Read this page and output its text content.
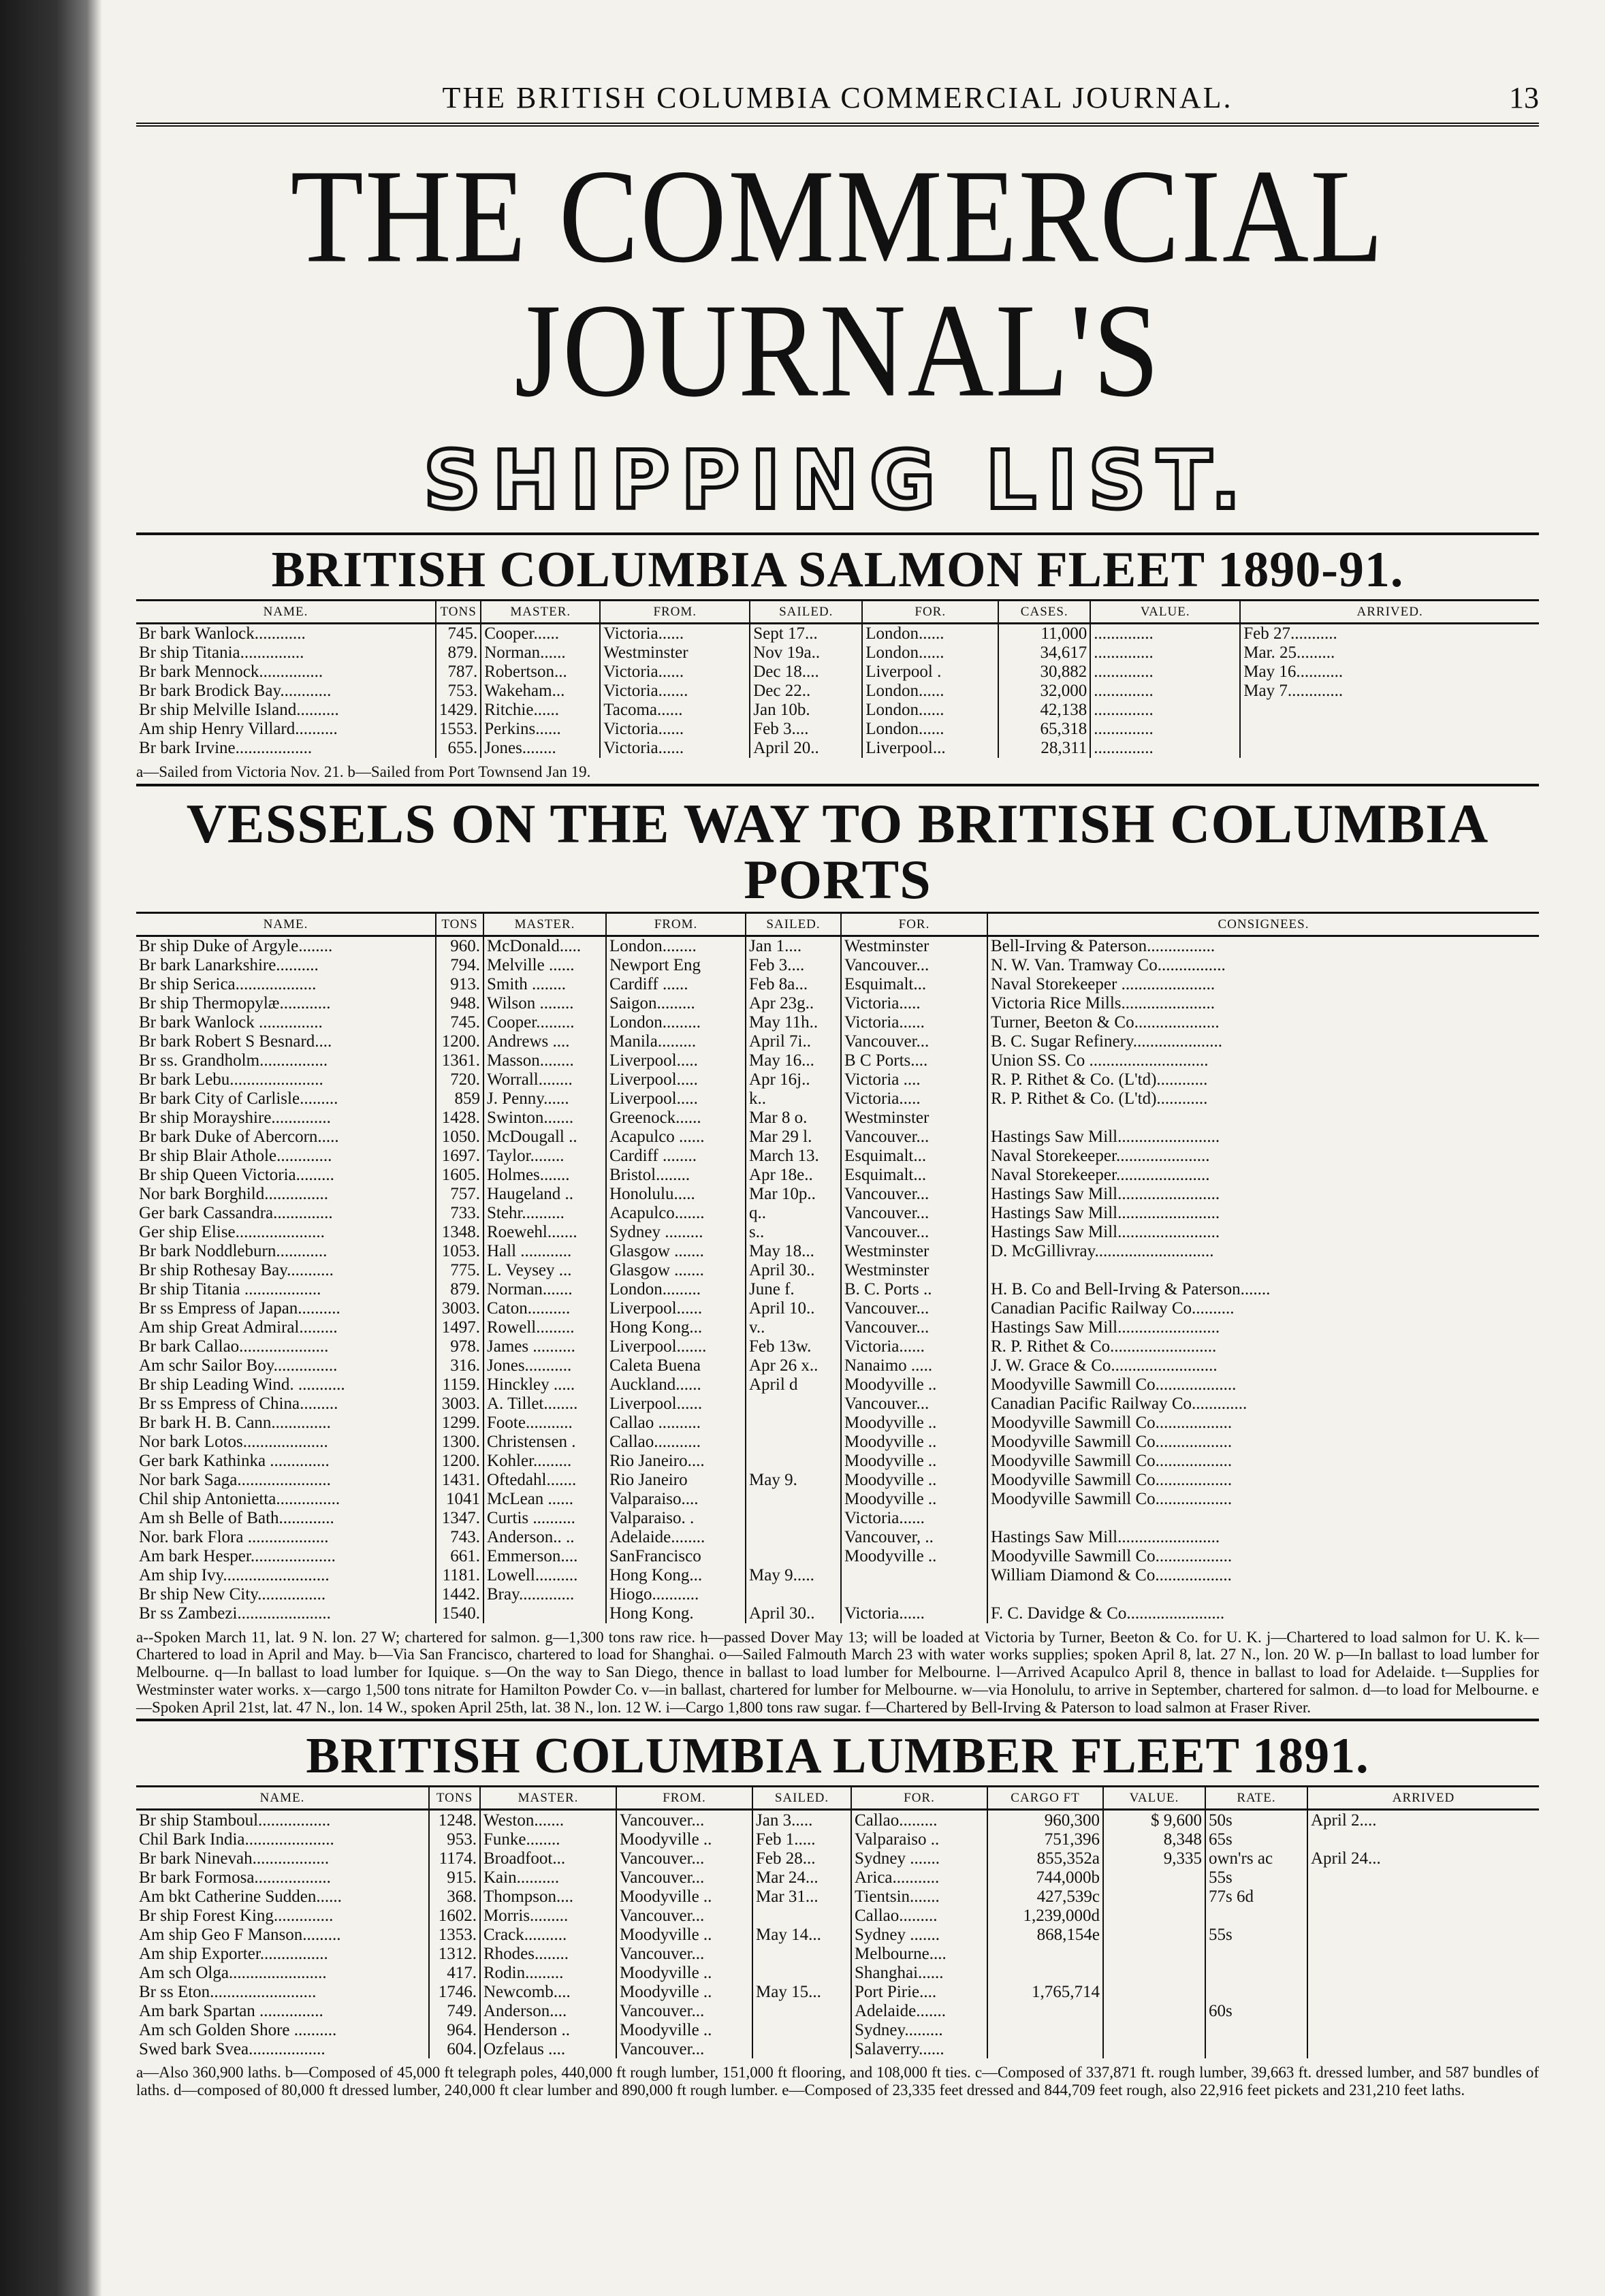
THE BRITISH COLUMBIA COMMERCIAL JOURNAL.	13
THE COMMERCIAL JOURNAL'S
SHIPPING LIST.
BRITISH COLUMBIA SALMON FLEET 1890-91.
NAME.	TONS	MASTER.	FROM.	SAILED.	FOR.	CASES.	VALUE.	ARRIVED.
Br bark Wanlock............	745.	Cooper......	Victoria......	Sept 17...	London......	11,000	..............	Feb 27...........
Br ship Titania...............	879.	Norman......	Westminster	Nov 19a..	London......	34,617	..............	Mar. 25.........
Br bark Mennock...............	787.	Robertson...	Victoria......	Dec 18....	Liverpool .	30,882	..............	May 16...........
Br bark Brodick Bay............	753.	Wakeham...	Victoria.......	Dec 22..	London......	32,000	..............	May 7.............
Br ship Melville Island..........	1429.	Ritchie......	Tacoma......	Jan 10b.	London......	42,138	..............	
Am ship Henry Villard..........	1553.	Perkins......	Victoria......	Feb 3....	London......	65,318	..............	
Br bark Irvine..................	655.	Jones........	Victoria......	April 20..	Liverpool...	28,311	..............	
a—Sailed from Victoria Nov. 21. b—Sailed from Port Townsend Jan 19.
VESSELS ON THE WAY TO BRITISH COLUMBIA PORTS
NAME.	TONS	MASTER.	FROM.	SAILED.	FOR.	CONSIGNEES.
Br ship Duke of Argyle........	960.	McDonald.....	London........	Jan 1....	Westminster	Bell-Irving & Paterson................
Br bark Lanarkshire..........	794.	Melville ......	Newport Eng	Feb 3....	Vancouver...	N. W. Van. Tramway Co................
Br ship Serica...................	913.	Smith ........	Cardiff ......	Feb 8a...	Esquimalt...	Naval Storekeeper ......................
Br ship Thermopylæ............	948.	Wilson ........	Saigon.........	Apr 23g..	Victoria.....	Victoria Rice Mills......................
Br bark Wanlock ...............	745.	Cooper.........	London.........	May 11h..	Victoria......	Turner, Beeton & Co....................
Br bark Robert S Besnard....	1200.	Andrews ....	Manila.........	April 7i..	Vancouver...	B. C. Sugar Refinery.....................
Br ss. Grandholm................	1361.	Masson........	Liverpool.....	May 16...	B C Ports....	Union SS. Co ............................
Br bark Lebu......................	720.	Worrall........	Liverpool.....	Apr 16j..	Victoria ....	R. P. Rithet & Co. (L'td)............
Br bark City of Carlisle.........	859	J. Penny......	Liverpool.....	k..	Victoria.....	R. P. Rithet & Co. (L'td)............
Br ship Morayshire..............	1428.	Swinton.......	Greenock......	Mar 8 o.	Westminster	
Br bark Duke of Abercorn.....	1050.	McDougall ..	Acapulco ......	Mar 29 l.	Vancouver...	Hastings Saw Mill........................
Br ship Blair Athole.............	1697.	Taylor........	Cardiff ........	March 13.	Esquimalt...	Naval Storekeeper......................
Br ship Queen Victoria.........	1605.	Holmes.......	Bristol........	Apr 18e..	Esquimalt...	Naval Storekeeper......................
Nor bark Borghild...............	757.	Haugeland ..	Honolulu.....	Mar 10p..	Vancouver...	Hastings Saw Mill........................
Ger bark Cassandra..............	733.	Stehr..........	Acapulco.......	q..	Vancouver...	Hastings Saw Mill........................
Ger ship Elise.....................	1348.	Roewehl.......	Sydney .........	s..	Vancouver...	Hastings Saw Mill........................
Br bark Noddleburn............	1053.	Hall ............	Glasgow .......	May 18...	Westminster	D. McGillivray............................
Br ship Rothesay Bay...........	775.	L. Veysey ...	Glasgow .......	April 30..	Westminster	
Br ship Titania ..................	879.	Norman.......	London.........	June f.	B. C. Ports ..	H. B. Co and Bell-Irving & Paterson.......
Br ss Empress of Japan..........	3003.	Caton..........	Liverpool......	April 10..	Vancouver...	Canadian Pacific Railway Co..........
Am ship Great Admiral.........	1497.	Rowell.........	Hong Kong...	v..	Vancouver...	Hastings Saw Mill........................
Br bark Callao.....................	978.	James ..........	Liverpool.......	Feb 13w.	Victoria......	R. P. Rithet & Co.........................
Am schr Sailor Boy...............	316.	Jones...........	Caleta Buena	Apr 26 x..	Nanaimo .....	J. W. Grace & Co.........................
Br ship Leading Wind. ...........	1159.	Hinckley .....	Auckland......	April d	Moodyville ..	Moodyville Sawmill Co...................
Br ss Empress of China.........	3003.	A. Tillet........	Liverpool......		Vancouver...	Canadian Pacific Railway Co.............
Br bark H. B. Cann..............	1299.	Foote...........	Callao ..........		Moodyville ..	Moodyville Sawmill Co..................
Nor bark Lotos....................	1300.	Christensen .	Callao...........		Moodyville ..	Moodyville Sawmill Co..................
Ger bark Kathinka ..............	1200.	Kohler.........	Rio Janeiro....		Moodyville ..	Moodyville Sawmill Co..................
Nor bark Saga......................	1431.	Oftedahl.......	Rio Janeiro	May 9.	Moodyville ..	Moodyville Sawmill Co..................
Chil ship Antonietta...............	1041	McLean ......	Valparaiso....		Moodyville ..	Moodyville Sawmill Co..................
Am sh Belle of Bath.............	1347.	Curtis ..........	Valparaiso. .		Victoria......	
Nor. bark Flora ...................	743.	Anderson.. ..	Adelaide........		Vancouver, ..	Hastings Saw Mill........................
Am bark Hesper....................	661.	Emmerson....	SanFrancisco		Moodyville ..	Moodyville Sawmill Co..................
Am ship Ivy.........................	1181.	Lowell..........	Hong Kong...	May 9.....		William Diamond & Co..................
Br ship New City................	1442.	Bray.............	Hiogo...........			
Br ss Zambezi......................	1540.		Hong Kong.	April 30..	Victoria......	F. C. Davidge & Co.......................
a--Spoken March 11, lat. 9 N. lon. 27 W; chartered for salmon. g—1,300 tons raw rice. h—passed Dover May 13; will be loaded at Victoria by Turner, Beeton & Co. for U. K. j—Chartered to load salmon for U. K. k—Chartered to load in April and May. b—Via San Francisco, chartered to load for Shanghai. o—Sailed Falmouth March 23 with water works supplies; spoken April 8, lat. 27 N., lon. 20 W. p—In ballast to load lumber for Melbourne. q—In ballast to load lumber for Iquique. s—On the way to San Diego, thence in ballast to load lumber for Melbourne. l—Arrived Acapulco April 8, thence in ballast to load for Adelaide. t—Supplies for Westminster water works. x—cargo 1,500 tons nitrate for Hamilton Powder Co. v—in ballast, chartered for lumber for Melbourne. w—via Honolulu, to arrive in September, chartered for salmon. d—to load for Melbourne. e—Spoken April 21st, lat. 47 N., lon. 14 W., spoken April 25th, lat. 38 N., lon. 12 W. i—Cargo 1,800 tons raw sugar. f—Chartered by Bell-Irving & Paterson to load salmon at Fraser River.
BRITISH COLUMBIA LUMBER FLEET 1891.
NAME.	TONS	MASTER.	FROM.	SAILED.	FOR.	CARGO FT	VALUE.	RATE.	ARRIVED
Br ship Stamboul.................	1248.	Weston.......	Vancouver...	Jan 3.....	Callao.........	960,300	$ 9,600	50s	April 2....
Chil Bark India.....................	953.	Funke........	Moodyville ..	Feb 1.....	Valparaiso ..	751,396	8,348	65s	
Br bark Ninevah..................	1174.	Broadfoot...	Vancouver...	Feb 28...	Sydney .......	855,352a	9,335	own'rs ac	April 24...
Br bark Formosa..................	915.	Kain..........	Vancouver...	Mar 24...	Arica...........	744,000b		55s	
Am bkt Catherine Sudden......	368.	Thompson....	Moodyville ..	Mar 31...	Tientsin.......	427,539c		77s 6d	
Br ship Forest King..............	1602.	Morris.........	Vancouver...		Callao.........	1,239,000d			
Am ship Geo F Manson.........	1353.	Crack..........	Moodyville ..	May 14...	Sydney .......	868,154e		55s	
Am ship Exporter................	1312.	Rhodes........	Vancouver...		Melbourne....				
Am sch Olga.......................	417.	Rodin.........	Moodyville ..		Shanghai......				
Br ss Eton.........................	1746.	Newcomb....	Moodyville ..	May 15...	Port Pirie....	1,765,714			
Am bark Spartan ...............	749.	Anderson....	Vancouver...		Adelaide.......			60s	
Am sch Golden Shore ..........	964.	Henderson ..	Moodyville ..		Sydney.........				
Swed bark Svea..................	604.	Ozfelaus ....	Vancouver...		Salaverry......				
a—Also 360,900 laths. b—Composed of 45,000 ft telegraph poles, 440,000 ft rough lumber, 151,000 ft flooring, and 108,000 ft ties. c—Composed of 337,871 ft. rough lumber, 39,663 ft. dressed lumber, and 587 bundles of laths. d—composed of 80,000 ft dressed lumber, 240,000 ft clear lumber and 890,000 ft rough lumber. e—Composed of 23,335 feet dressed and 844,709 feet rough, also 22,916 feet pickets and 231,210 feet laths.
